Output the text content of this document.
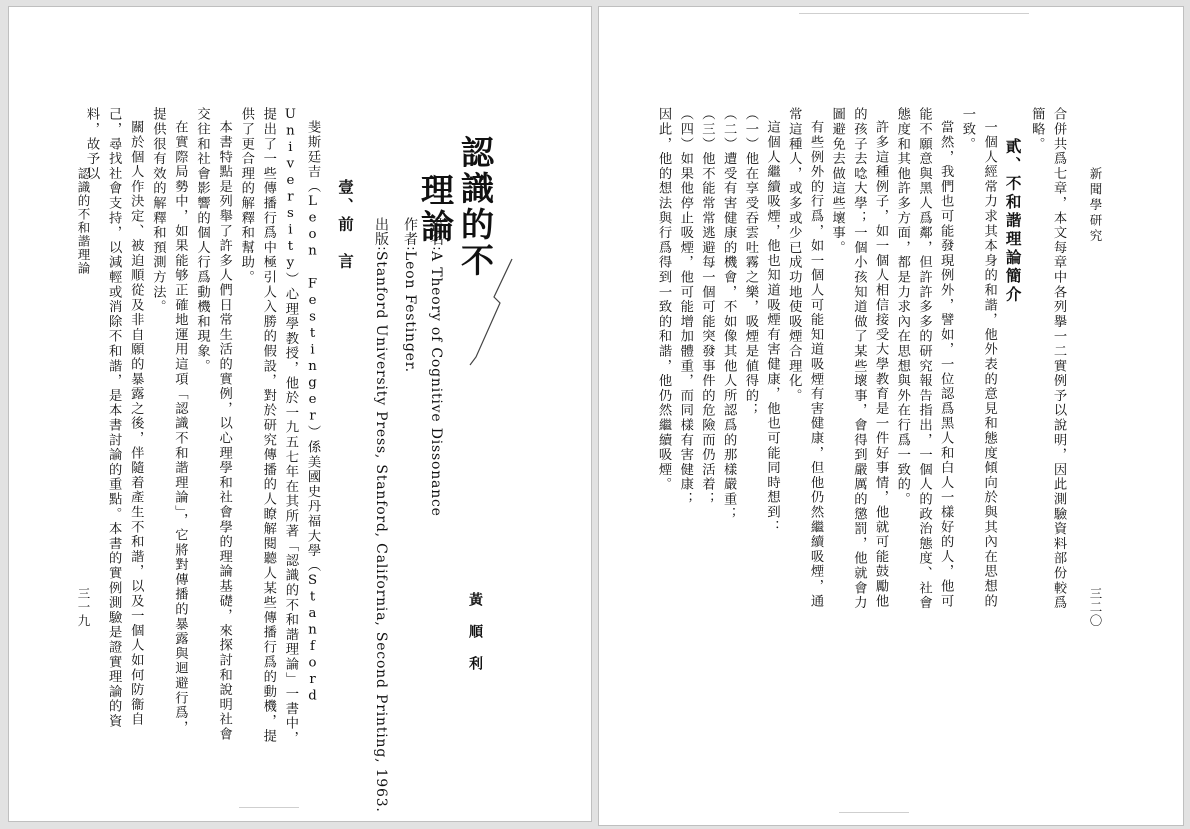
認識的不
理論
書名∶A Theory of Cognitive Dissonance
作者∶Leon Festinger.
出版∶Stanford University Press, Stanford, California, Second Printing, 1963.	黃順利
壹、前　言

斐斯廷吉（Leon Festinger）係美國史丹福大學（Stanford University）心理學教授，他於一九五七年在其所著「認識的不和諧理論」一書中，提出了一些傳播行爲中極引人入勝的假設，對於研究傳播的人瞭解閱聽人某些傳播行爲的動機，提供了更合理的解釋和幫助。

本書特點是列舉了許多人們日常生活的實例，以心理學和社會學的理論基礎，來探討和說明社會交往和社會影響的個人行爲動機和現象。

在實際局勢中，如果能够正確地運用這項「認識不和諧理論」，它將對傳播的暴露與迴避行爲，提供很有效的解釋和預測方法。

關於個人作決定、被迫順從及非自願的暴露之後，伴隨着產生不和諧，以及一個人如何防衞自己，尋找社會支持，以減輕或消除不和諧，是本書討論的重點。本書的實例測驗是證實理論的資料，故予以

認識的不和諧理論
三一九
新聞學研究
三二〇

合併共爲七章，本文每章中各列擧一二實例予以說明，因此測驗資料部份較爲簡略。

貳、不和諧理論簡介

一個人經常力求其本身的和諧，他外表的意見和態度傾向於與其內在思想的一致。

當然，我們也可能發現例外，譬如，一位認爲黑人和白人一樣好的人，他可能不願意與黑人爲鄰，但許許多多的研究報告指出，一個人的政治態度、社會態度和其他許多方面，都是力求內在思想與外在行爲一致的。

許多這種例子，如一個人相信接受大學教育是一件好事情，他就可能鼓勵他的孩子去唸大學；一個小孩知道做了某些壞事，會得到嚴厲的懲罰，他就會力圖避免去做這些壞事。

有些例外的行爲，如一個人可能知道吸煙有害健康，但他仍然繼續吸煙，通常這種人，或多或少已成功地使吸煙合理化。

這個人繼續吸煙，他也知道吸煙有害健康，他也可能同時想到：

（一）他在享受吞雲吐霧之樂，吸煙是値得的；

（二）遭受有害健康的機會，不如像其他人所認爲的那樣嚴重；

（三）他不能常常逃避每一個可能突發事件的危險而仍活着；

（四）如果他停止吸煙，他可能增加體重，而同樣有害健康；

因此，他的想法與行爲得到一致的和諧，他仍然繼續吸煙。
